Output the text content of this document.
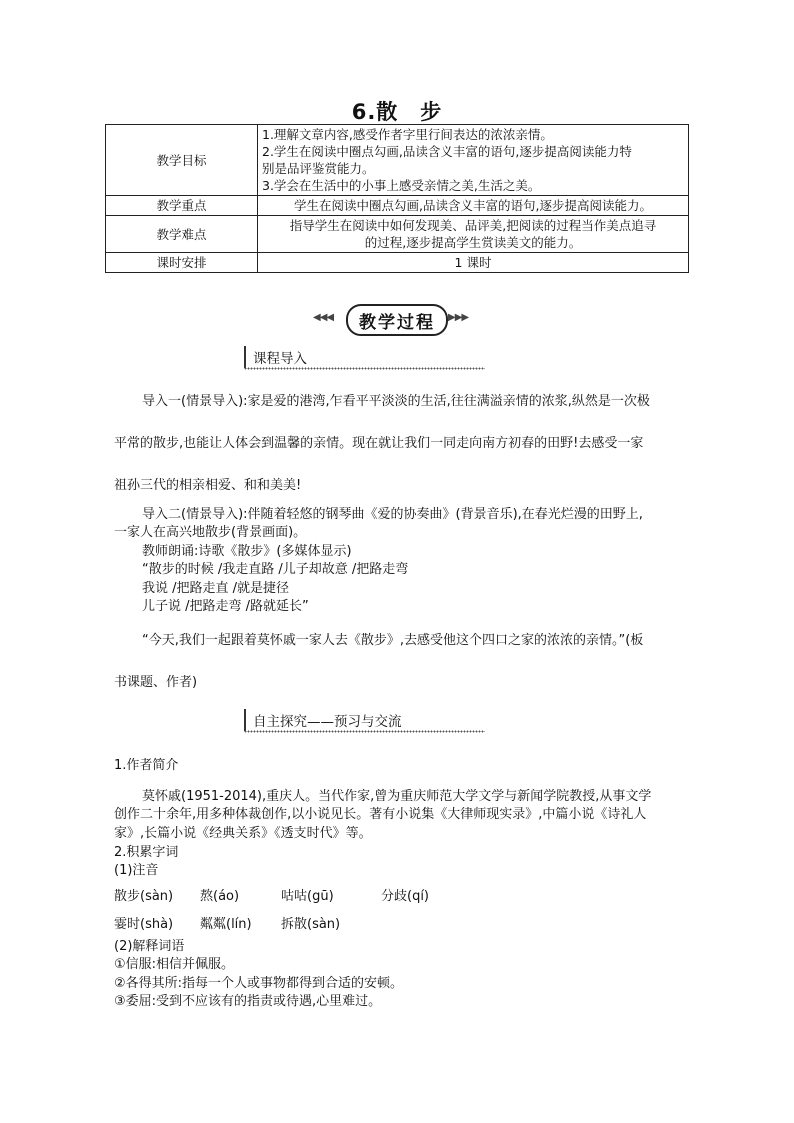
6.散　步
教学目标	1.理解文章内容,感受作者字里行间表达的浓浓亲情。
2.学生在阅读中圈点勾画,品读含义丰富的语句,逐步提高阅读能力特
别是品评鉴赏能力。
3.学会在生活中的小事上感受亲情之美,生活之美。

教学重点	学生在阅读中圈点勾画,品读含义丰富的语句,逐步提高阅读能力。
教学难点	指导学生在阅读中如何发现美、品评美,把阅读的过程当作美点追寻
的过程,逐步提高学生赏读美文的能力。

课时安排	1 课时
◀◀◀ 教学过程 ▶▶▶
课程导入
导入一(情景导入):家是爱的港湾,乍看平平淡淡的生活,往往满溢亲情的浓浆,纵然是一次极
平常的散步,也能让人体会到温馨的亲情。现在就让我们一同走向南方初春的田野!去感受一家
祖孙三代的相亲相爱、和和美美!
导入二(情景导入):伴随着轻悠的钢琴曲《爱的协奏曲》(背景音乐),在春光烂漫的田野上,
一家人在高兴地散步(背景画面)。
教师朗诵:诗歌《散步》(多媒体显示)
“散步的时候 /我走直路 /儿子却故意 /把路走弯
我说 /把路走直 /就是捷径
儿子说 /把路走弯 /路就延长”
“今天,我们一起跟着莫怀戚一家人去《散步》,去感受他这个四口之家的浓浓的亲情。”(板
书课题、作者)
自主探究——预习与交流
1.作者简介
莫怀戚(1951-2014),重庆人。当代作家,曾为重庆师范大学文学与新闻学院教授,从事文学
创作二十余年,用多种体裁创作,以小说见长。著有小说集《大律师现实录》,中篇小说《诗礼人
家》,长篇小说《经典关系》《透支时代》等。
2.积累字词
(1)注音
散步(sàn) 熬(áo)	咕咕(gū)	分歧(qí)
霎时(shà) 粼粼(lín) 拆散(sàn)
(2)解释词语
①信服:相信并佩服。
②各得其所:指每一个人或事物都得到合适的安顿。
③委屈:受到不应该有的指责或待遇,心里难过。
